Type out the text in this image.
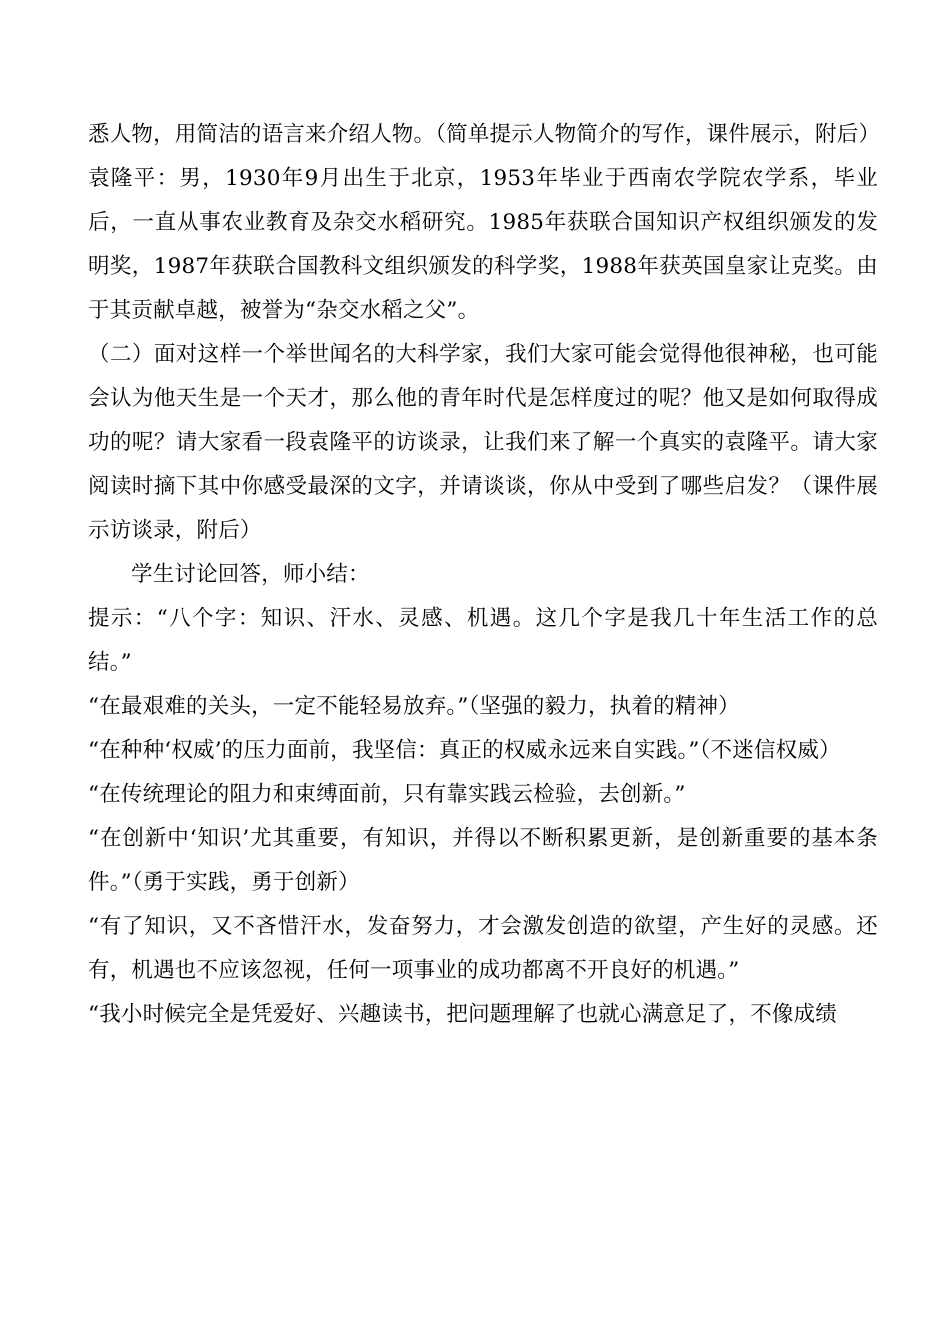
悉人物，用简洁的语言来介绍人物。（简单提示人物简介的写作，课件展示，附后）

袁隆平：男，1930年9月出生于北京，1953年毕业于西南农学院农学系，毕业后，一直从事农业教育及杂交水稻研究。1985年获联合国知识产权组织颁发的发明奖，1987年获联合国教科文组织颁发的科学奖，1988年获英国皇家让克奖。由于其贡献卓越，被誉为“杂交水稻之父”。

（二）面对这样一个举世闻名的大科学家，我们大家可能会觉得他很神秘，也可能会认为他天生是一个天才，那么他的青年时代是怎样度过的呢？他又是如何取得成功的呢？请大家看一段袁隆平的访谈录，让我们来了解一个真实的袁隆平。请大家阅读时摘下其中你感受最深的文字，并请谈谈，你从中受到了哪些启发？（课件展示访谈录，附后）

学生讨论回答，师小结：

提示：“八个字：知识、汗水、灵感、机遇。这几个字是我几十年生活工作的总结。”

“在最艰难的关头，一定不能轻易放弃。”（坚强的毅力，执着的精神）

“在种种‘权威’的压力面前，我坚信：真正的权威永远来自实践。”（不迷信权威）

“在传统理论的阻力和束缚面前，只有靠实践云检验，去创新。”

“在创新中‘知识’尤其重要，有知识，并得以不断积累更新，是创新重要的基本条件。”（勇于实践，勇于创新）

“有了知识，又不吝惜汗水，发奋努力，才会激发创造的欲望，产生好的灵感。还有，机遇也不应该忽视，任何一项事业的成功都离不开良好的机遇。”

“我小时候完全是凭爱好、兴趣读书，把问题理解了也就心满意足了，不像成绩
